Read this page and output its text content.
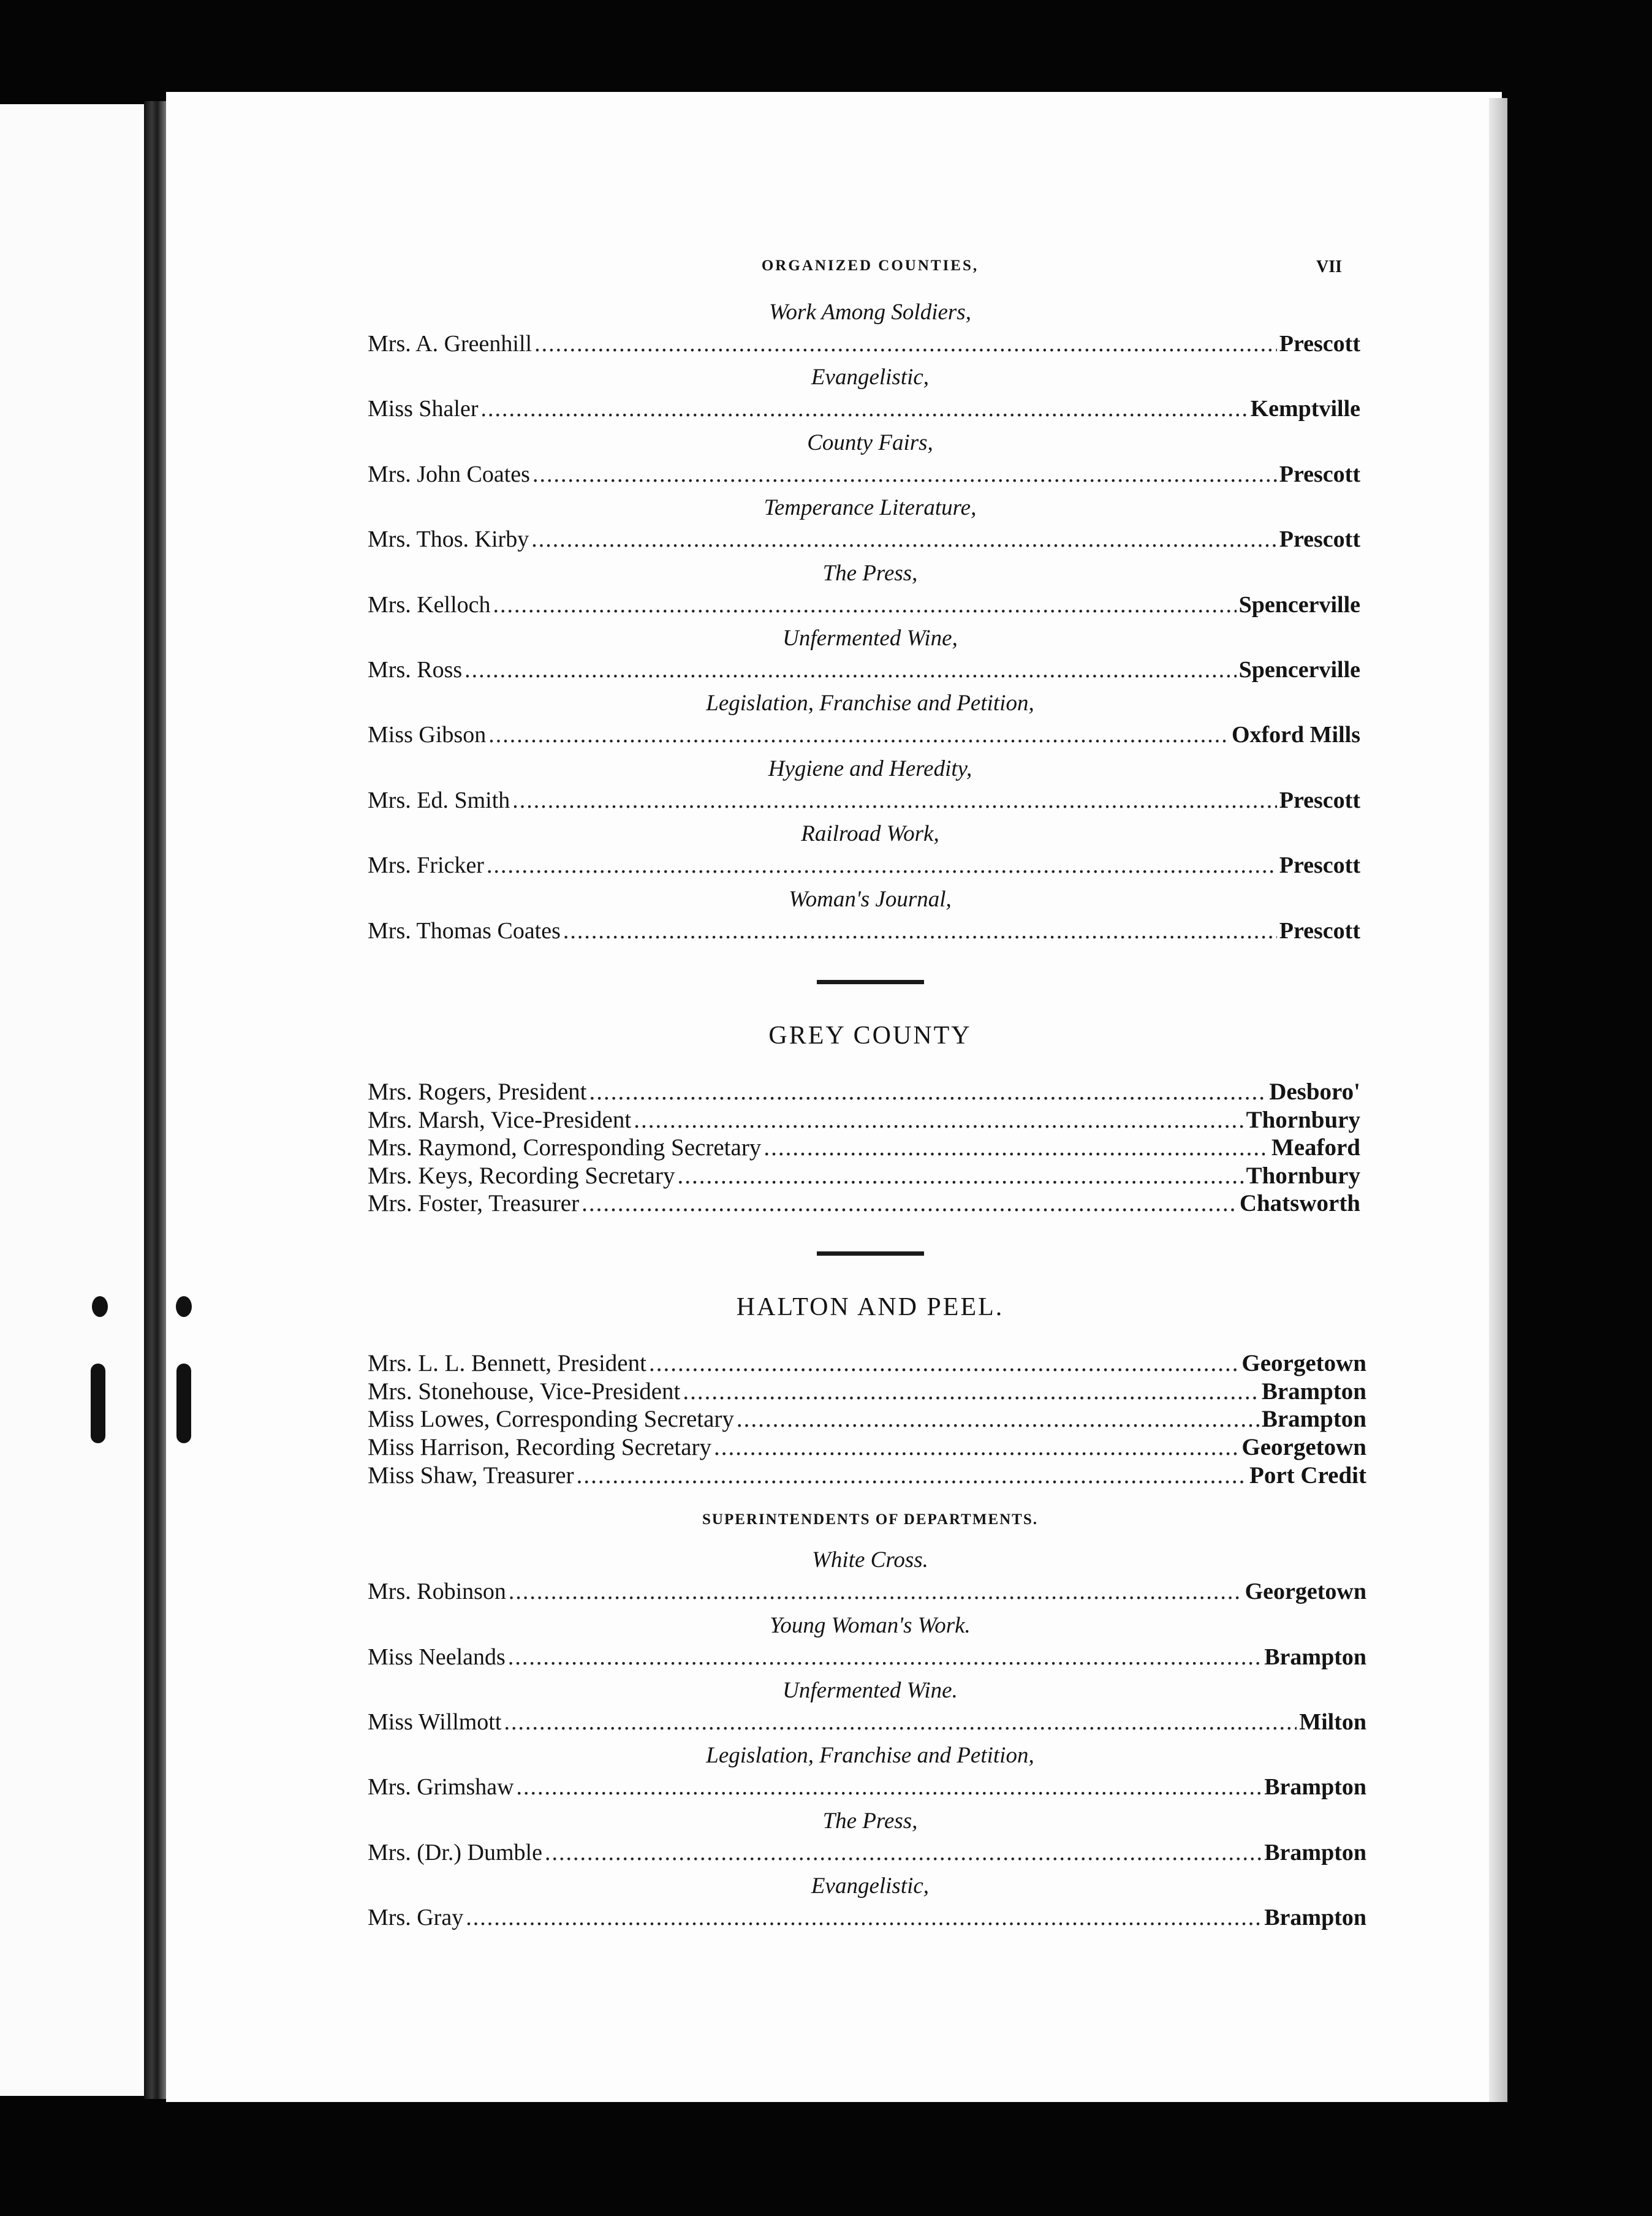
ORGANIZED COUNTIES,	VII
Work Among Soldiers,
Mrs. A. Greenhill .....	Prescott
Evangelistic,
Miss Shaler .....	Kemptville
County Fairs,
Mrs. John Coates .....	Prescott
Temperance Literature,
Mrs. Thos. Kirby .....	Prescott
The Press,
Mrs. Kelloch .....	Spencerville
Unfermented Wine,
Mrs. Ross .....	Spencerville
Legislation, Franchise and Petition,
Miss Gibson .....	Oxford Mills
Hygiene and Heredity,
Mrs. Ed. Smith .....	Prescott
Railroad Work,
Mrs. Fricker .....	Prescott
Woman's Journal,
Mrs. Thomas Coates .....	Prescott
GREY COUNTY
Mrs. Rogers, President .....	Desboro'
Mrs. Marsh, Vice-President .....	Thornbury
Mrs. Raymond, Corresponding Secretary .....	Meaford
Mrs. Keys, Recording Secretary .....	Thornbury
Mrs. Foster, Treasurer .....	Chatsworth
HALTON AND PEEL.
Mrs. L. L. Bennett, President .....	Georgetown
Mrs. Stonehouse, Vice-President .....	Brampton
Miss Lowes, Corresponding Secretary .....	Brampton
Miss Harrison, Recording Secretary .....	Georgetown
Miss Shaw, Treasurer .....	Port Credit
SUPERINTENDENTS OF DEPARTMENTS.
White Cross.
Mrs. Robinson .....	Georgetown
Young Woman's Work.
Miss Neelands .....	Brampton
Unfermented Wine.
Miss Willmott .....	Milton
Legislation, Franchise and Petition,
Mrs. Grimshaw .....	Brampton
The Press,
Mrs. (Dr.) Dumble .....	Brampton
Evangelistic,
Mrs. Gray .....	Brampton
